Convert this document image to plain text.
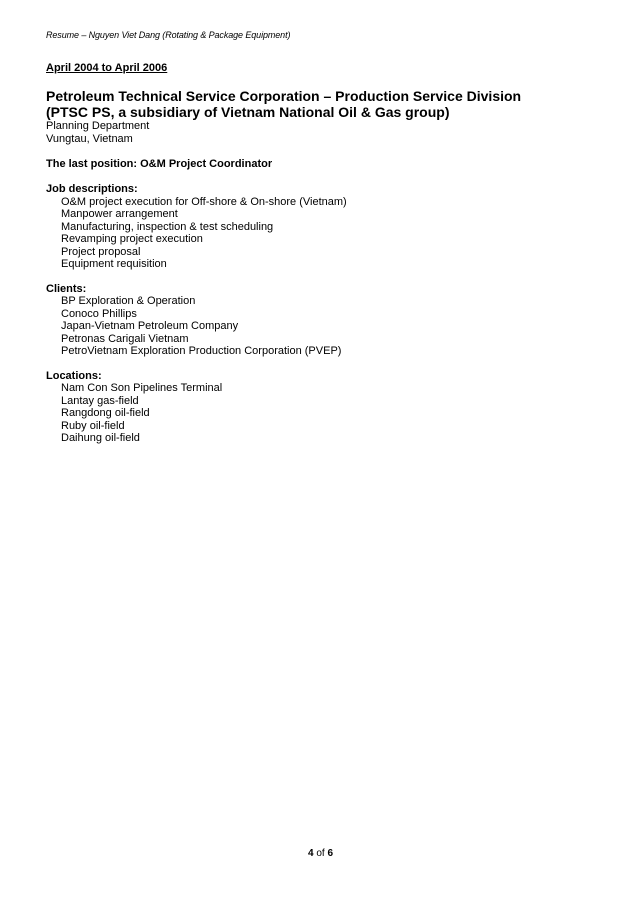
Resume – Nguyen Viet Dang (Rotating & Package Equipment)

April 2004 to April 2006

Petroleum Technical Service Corporation – Production Service Division

(PTSC PS, a subsidiary of Vietnam National Oil & Gas group)

Planning Department

Vungtau, Vietnam

The last position: O&M Project Coordinator

Job descriptions:

O&M project execution for Off-shore & On-shore (Vietnam)
Manpower arrangement
Manufacturing, inspection & test scheduling
Revamping project execution
Project proposal
Equipment requisition

Clients:

BP Exploration & Operation
Conoco Phillips
Japan-Vietnam Petroleum Company
Petronas Carigali Vietnam
PetroVietnam Exploration Production Corporation (PVEP)

Locations:

Nam Con Son Pipelines Terminal
Lantay gas-field
Rangdong oil-field
Ruby oil-field
Daihung oil-field
4 of 6
